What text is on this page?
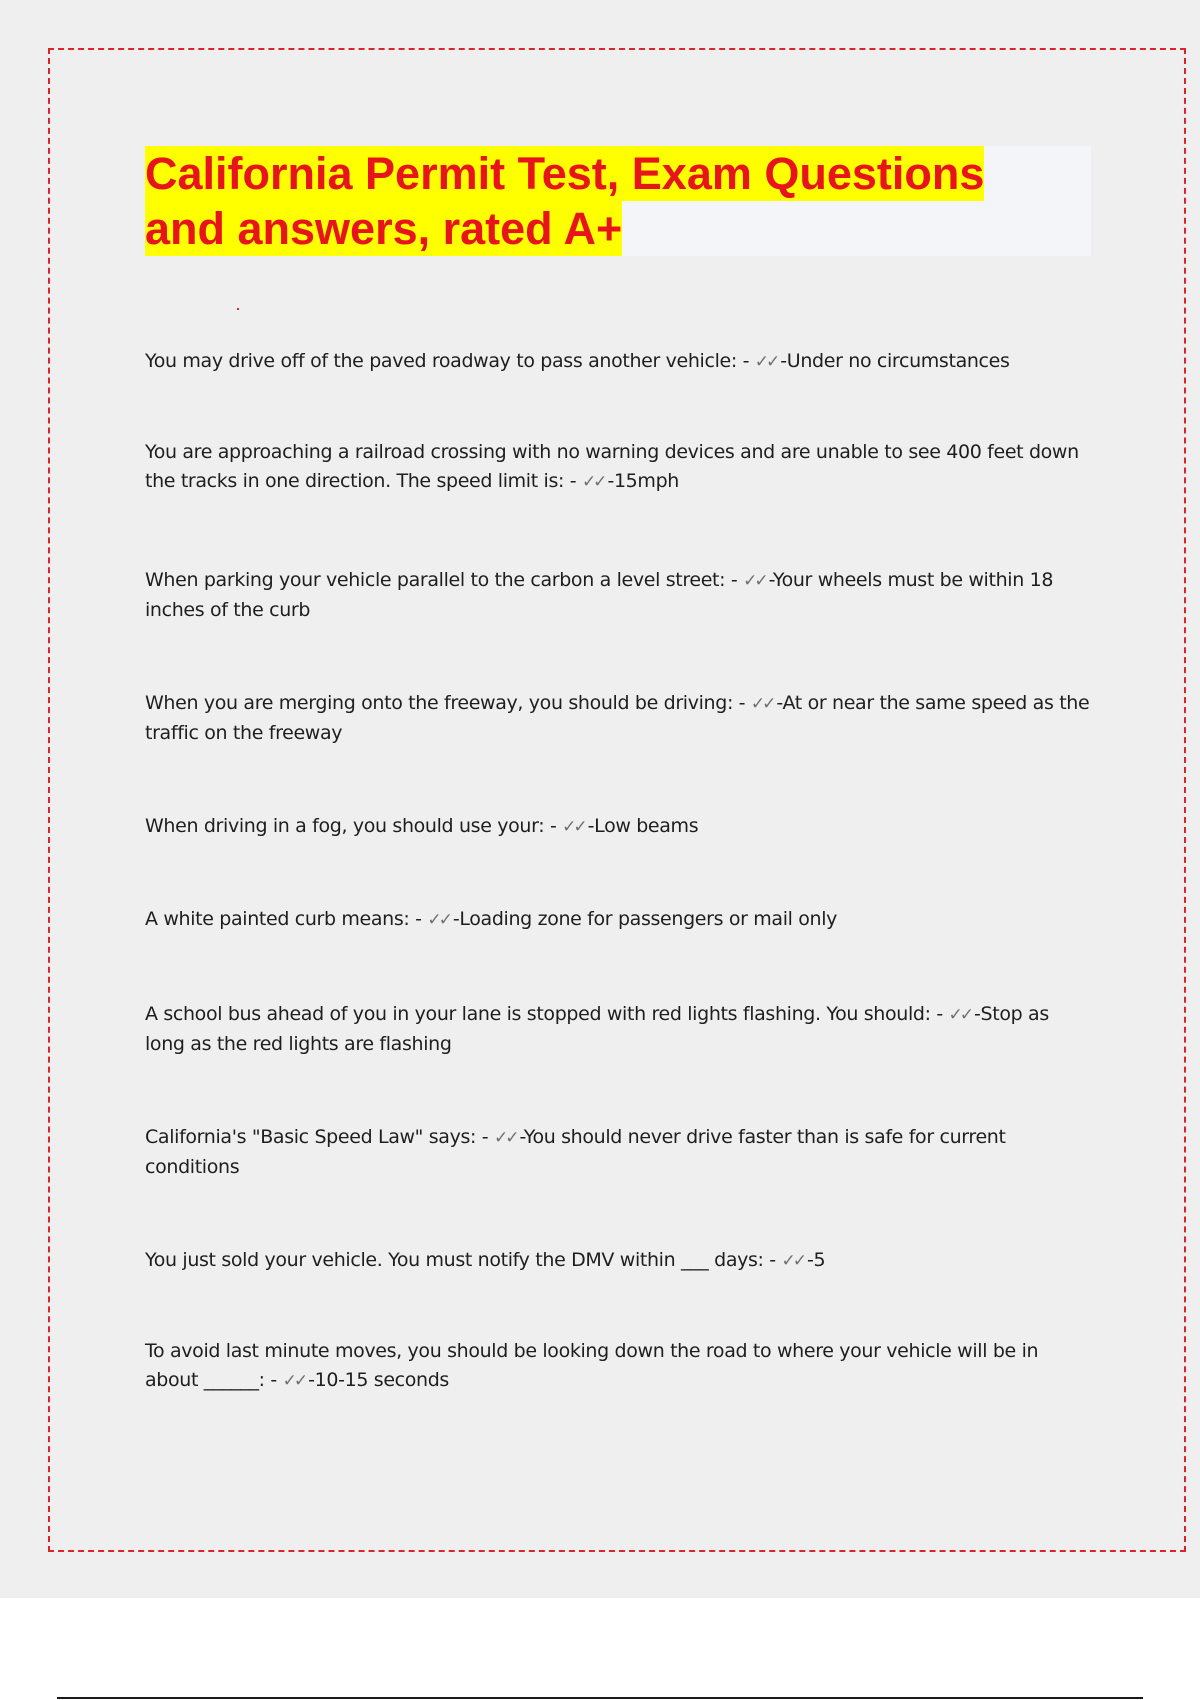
California Permit Test, Exam Questions
and answers, rated A+

You may drive off of the paved roadway to pass another vehicle: - ✓✓ -Under no circumstances

You are approaching a railroad crossing with no warning devices and are unable to see 400 feet down the tracks in one direction. The speed limit is: - ✓✓ -15mph

When parking your vehicle parallel to the carbon a level street: - ✓✓ -Your wheels must be within 18 inches of the curb

When you are merging onto the freeway, you should be driving: - ✓✓ -At or near the same speed as the traffic on the freeway

When driving in a fog, you should use your: - ✓✓ -Low beams

A white painted curb means: - ✓✓ -Loading zone for passengers or mail only

A school bus ahead of you in your lane is stopped with red lights flashing. You should: - ✓✓ -Stop as long as the red lights are flashing

California's "Basic Speed Law" says: - ✓✓ -You should never drive faster than is safe for current conditions

You just sold your vehicle. You must notify the DMV within ___ days: - ✓✓ -5

To avoid last minute moves, you should be looking down the road to where your vehicle will be in about ______: - ✓✓ -10-15 seconds
